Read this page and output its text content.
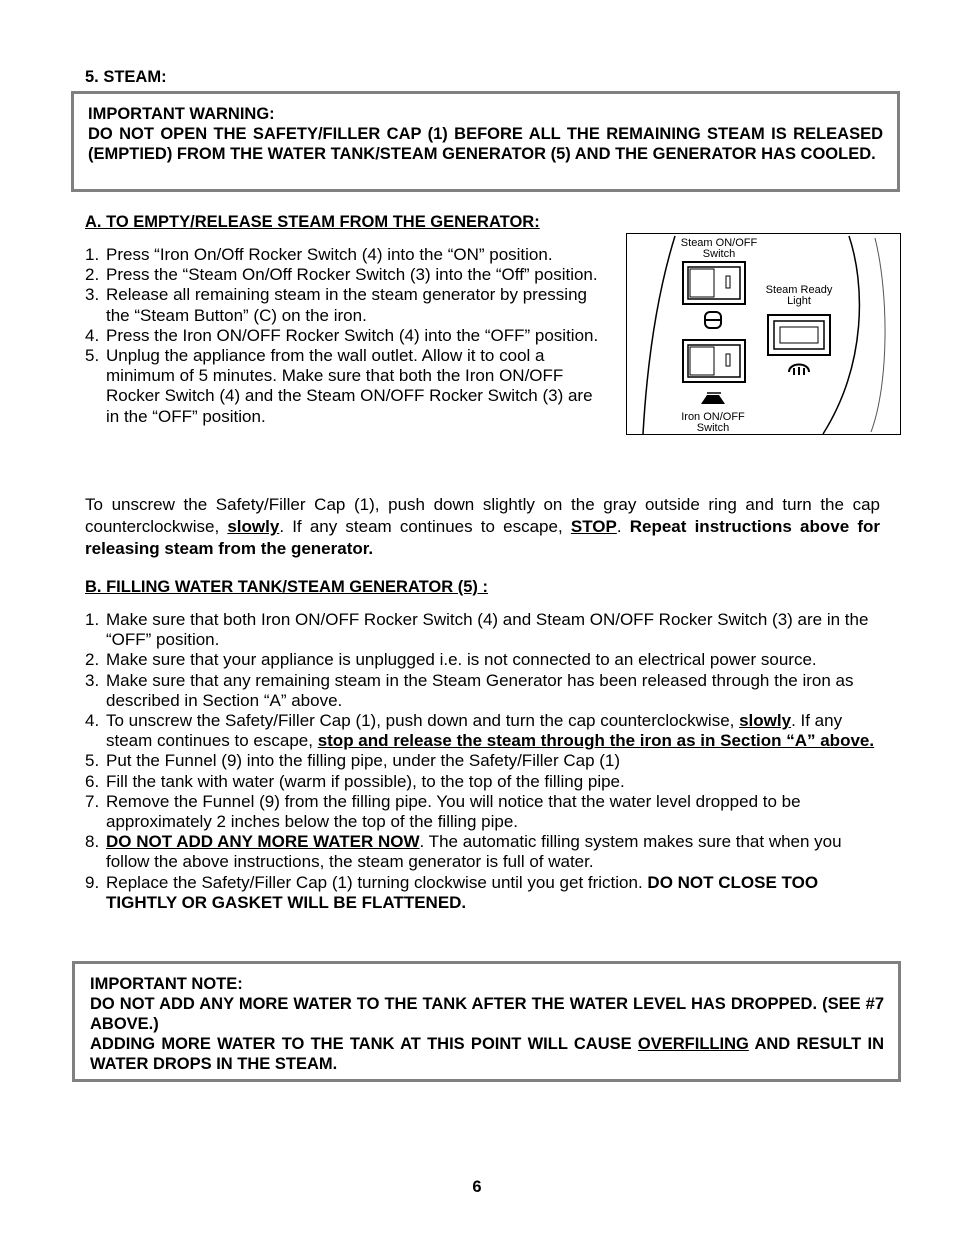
5. STEAM:
IMPORTANT WARNING:
DO NOT OPEN THE SAFETY/FILLER CAP (1) BEFORE ALL THE REMAINING STEAM IS RELEASED (EMPTIED) FROM THE WATER TANK/STEAM GENERATOR (5) AND THE GENERATOR HAS COOLED.
A. TO EMPTY/RELEASE STEAM FROM THE GENERATOR:
1. Press “Iron On/Off Rocker Switch (4) into the “ON” position.
2. Press the “Steam On/Off Rocker Switch (3) into the “Off” position.
3. Release all remaining steam in the steam generator by pressing the “Steam Button” (C) on the iron.
4. Press the Iron ON/OFF Rocker Switch (4) into the “OFF” position.
5. Unplug the appliance from the wall outlet. Allow it to cool a minimum of 5 minutes. Make sure that both the Iron ON/OFF Rocker Switch (4) and the Steam ON/OFF Rocker Switch (3) are in the “OFF” position.
Steam ON/OFF
Switch
Steam Ready
Light
Iron ON/OFF
Switch
To unscrew the Safety/Filler Cap (1), push down slightly on the gray outside ring and turn the cap counterclockwise, slowly. If any steam continues to escape, STOP. Repeat instructions above for releasing steam from the generator.
B. FILLING WATER TANK/STEAM GENERATOR (5) :
1. Make sure that both Iron ON/OFF Rocker Switch (4) and Steam ON/OFF Rocker Switch (3) are in the “OFF” position.
2. Make sure that your appliance is unplugged i.e. is not connected to an electrical power source.
3. Make sure that any remaining steam in the Steam Generator has been released through the iron as described in Section “A” above.
4. To unscrew the Safety/Filler Cap (1), push down and turn the cap counterclockwise, slowly. If any steam continues to escape, stop and release the steam through the iron as in Section “A” above.
5. Put the Funnel (9) into the filling pipe, under the Safety/Filler Cap (1)
6. Fill the tank with water (warm if possible), to the top of the filling pipe.
7. Remove the Funnel (9) from the filling pipe. You will notice that the water level dropped to be approximately 2 inches below the top of the filling pipe.
8. DO NOT ADD ANY MORE WATER NOW. The automatic filling system makes sure that when you follow the above instructions, the steam generator is full of water.
9. Replace the Safety/Filler Cap (1) turning clockwise until you get friction. DO NOT CLOSE TOO TIGHTLY OR GASKET WILL BE FLATTENED.
IMPORTANT NOTE:
DO NOT ADD ANY MORE WATER TO THE TANK AFTER THE WATER LEVEL HAS DROPPED. (SEE #7 ABOVE.)
ADDING MORE WATER TO THE TANK AT THIS POINT WILL CAUSE OVERFILLING AND RESULT IN WATER DROPS IN THE STEAM.
6
